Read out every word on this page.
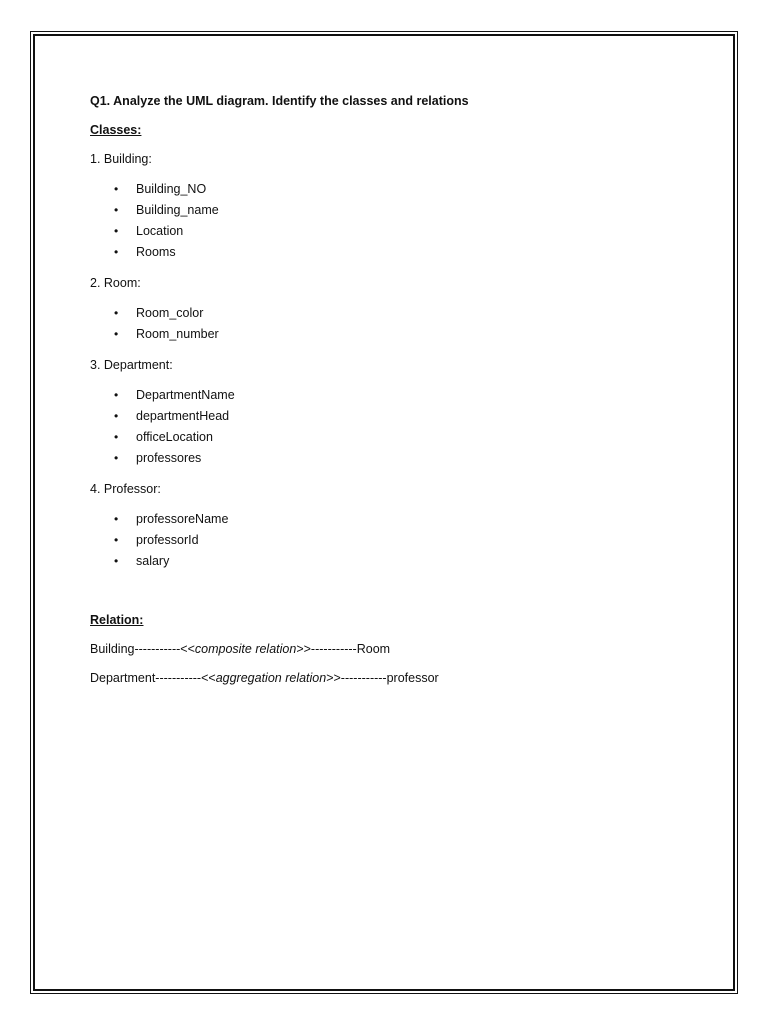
Q1. Analyze the UML diagram. Identify the classes and relations

Classes:

1. Building:

• Building_NO
• Building_name
• Location
• Rooms

2. Room:

• Room_color
• Room_number

3. Department:

• DepartmentName
• departmentHead
• officeLocation
• professores

4. Professor:

• professoreName
• professorId
• salary

Relation:

Building-----------<<composite relation>>-----------Room

Department-----------<<aggregation relation>>-----------professor
